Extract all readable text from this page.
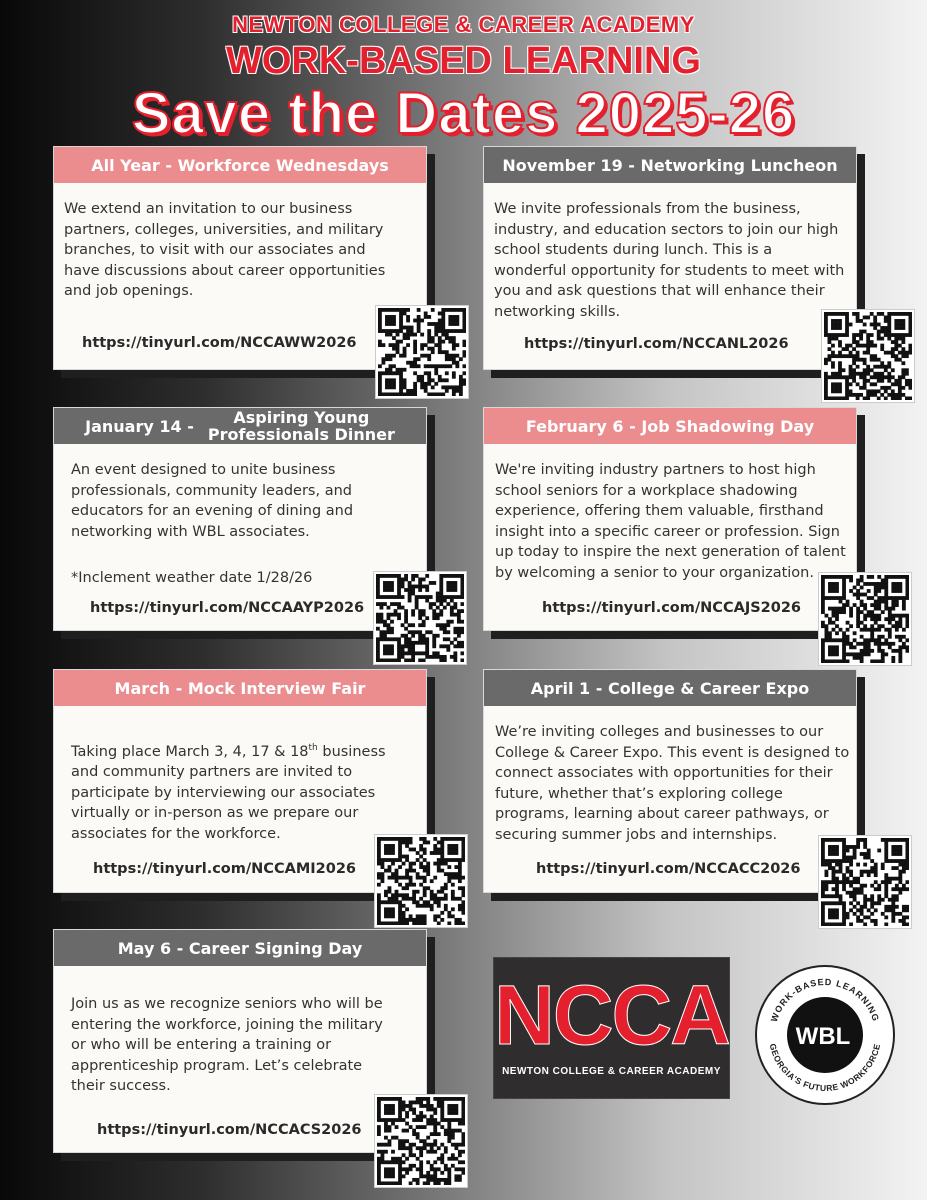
NEWTON COLLEGE & CAREER ACADEMY
WORK-BASED LEARNING
Save the Dates 2025-26
All Year - Workforce Wednesdays
We extend an invitation to our business partners, colleges, universities, and military branches, to visit with our associates and have discussions about career opportunities and job openings.
https://tinyurl.com/NCCAWW2026
November 19 - Networking Luncheon
We invite professionals from the business, industry, and education sectors to join our high school students during lunch. This is a wonderful opportunity for students to meet with you and ask questions that will enhance their networking skills.
https://tinyurl.com/NCCANL2026
January 14 -	Aspiring Young
Professionals Dinner
An event designed to unite business professionals, community leaders, and educators for an evening of dining and networking with WBL associates.
*Inclement weather date 1/28/26
https://tinyurl.com/NCCAAYP2026
February 6 - Job Shadowing Day
We're inviting industry partners to host high school seniors for a workplace shadowing experience, offering them valuable, firsthand insight into a specific career or profession. Sign up today to inspire the next generation of talent by welcoming a senior to your organization.
https://tinyurl.com/NCCAJS2026
March - Mock Interview Fair
Taking place March 3, 4, 17 & 18th business and community partners are invited to participate by interviewing our associates virtually or in-person as we prepare our associates for the workforce.
https://tinyurl.com/NCCAMI2026
April 1 - College & Career Expo
We’re inviting colleges and businesses to our College & Career Expo. This event is designed to connect associates with opportunities for their future, whether that’s exploring college programs, learning about career pathways, or securing summer jobs and internships.
https://tinyurl.com/NCCACC2026
May 6 - Career Signing Day
Join us as we recognize seniors who will be entering the workforce, joining the military or who will be entering a training or apprenticeship program. Let’s celebrate their success.
https://tinyurl.com/NCCACS2026
NCCA
NEWTON COLLEGE & CAREER ACADEMY
WORK-BASED LEARNING
GEORGIA'S FUTURE WORKFORCE
WBL
